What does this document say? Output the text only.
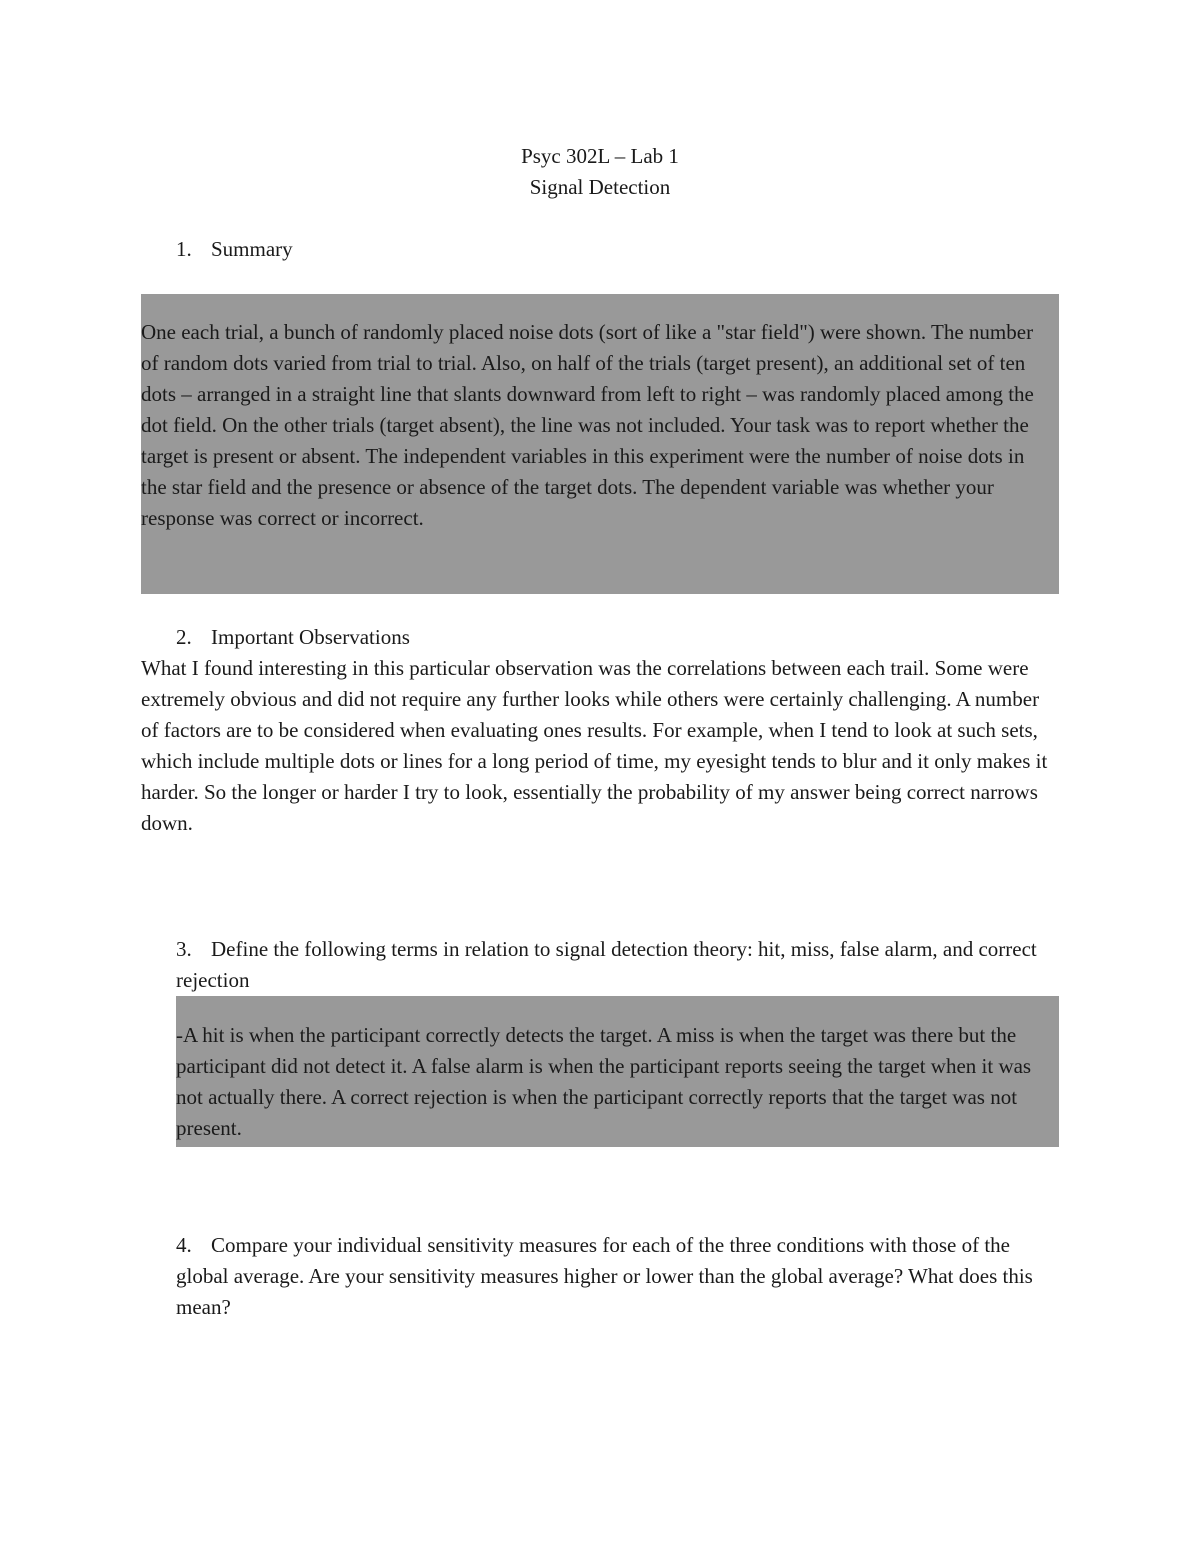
Psyc 302L – Lab 1
Signal Detection
1. Summary
One each trial, a bunch of randomly placed noise dots (sort of like a "star field") were shown. The number of random dots varied from trial to trial. Also, on half of the trials (target present), an additional set of ten dots – arranged in a straight line that slants downward from left to right – was randomly placed among the dot field. On the other trials (target absent), the line was not included. Your task was to report whether the target is present or absent. The independent variables in this experiment were the number of noise dots in the star field and the presence or absence of the target dots. The dependent variable was whether your response was correct or incorrect.
2. Important Observations
What I found interesting in this particular observation was the correlations between each trail. Some were extremely obvious and did not require any further looks while others were certainly challenging. A number of factors are to be considered when evaluating ones results. For example, when I tend to look at such sets, which include multiple dots or lines for a long period of time, my eyesight tends to blur and it only makes it harder. So the longer or harder I try to look, essentially the probability of my answer being correct narrows down.
3. Define the following terms in relation to signal detection theory: hit, miss, false alarm, and correct rejection
-A hit is when the participant correctly detects the target. A miss is when the target was there but the participant did not detect it. A false alarm is when the participant reports seeing the target when it was not actually there. A correct rejection is when the participant correctly reports that the target was not present.
4. Compare your individual sensitivity measures for each of the three conditions with those of the global average. Are your sensitivity measures higher or lower than the global average? What does this mean?
